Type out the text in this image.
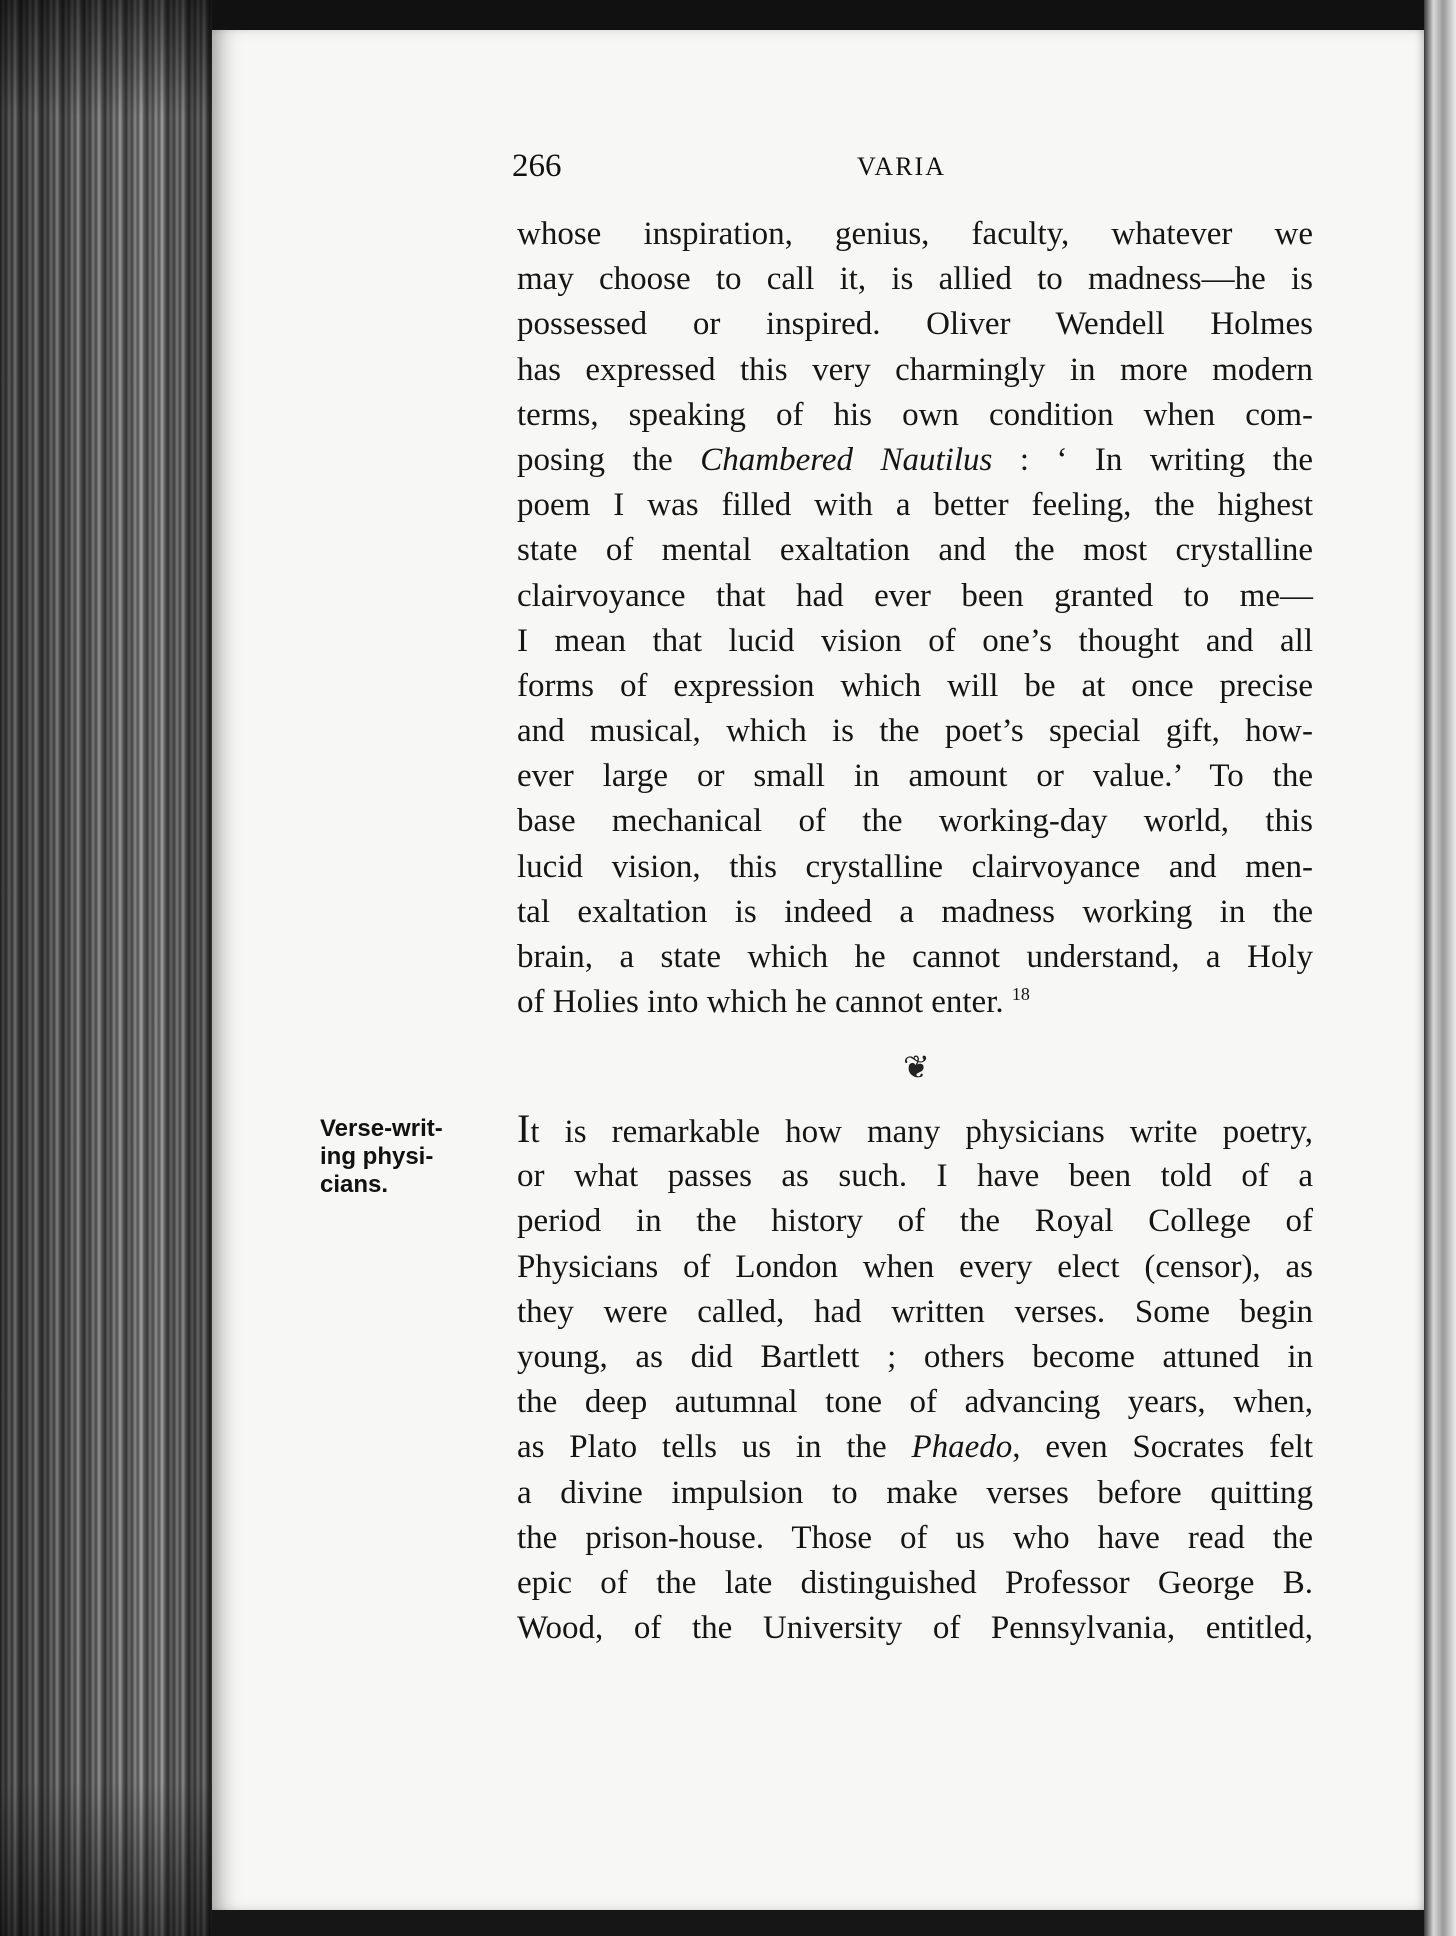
266	VARIA
whose inspiration, genius, faculty, whatever we
may choose to call it, is allied to madness—he is
possessed or inspired. Oliver Wendell Holmes
has expressed this very charmingly in more modern
terms, speaking of his own condition when com-
posing the Chambered Nautilus : ‘ In writing the
poem I was filled with a better feeling, the highest
state of mental exaltation and the most crystalline
clairvoyance that had ever been granted to me—
I mean that lucid vision of one’s thought and all
forms of expression which will be at once precise
and musical, which is the poet’s special gift, how-
ever large or small in amount or value.’ To the
base mechanical of the working-day world, this
lucid vision, this crystalline clairvoyance and men-
tal exaltation is indeed a madness working in the
brain, a state which he cannot understand, a Holy
of Holies into which he cannot enter. $^{18}$
❦
Verse-writ-
ing physi-
cians.
It is remarkable how many physicians write poetry,
or what passes as such. I have been told of a
period in the history of the Royal College of
Physicians of London when every elect (censor), as
they were called, had written verses. Some begin
young, as did Bartlett ; others become attuned in
the deep autumnal tone of advancing years, when,
as Plato tells us in the Phaedo, even Socrates felt
a divine impulsion to make verses before quitting
the prison-house. Those of us who have read the
epic of the late distinguished Professor George B.
Wood, of the University of Pennsylvania, entitled,
